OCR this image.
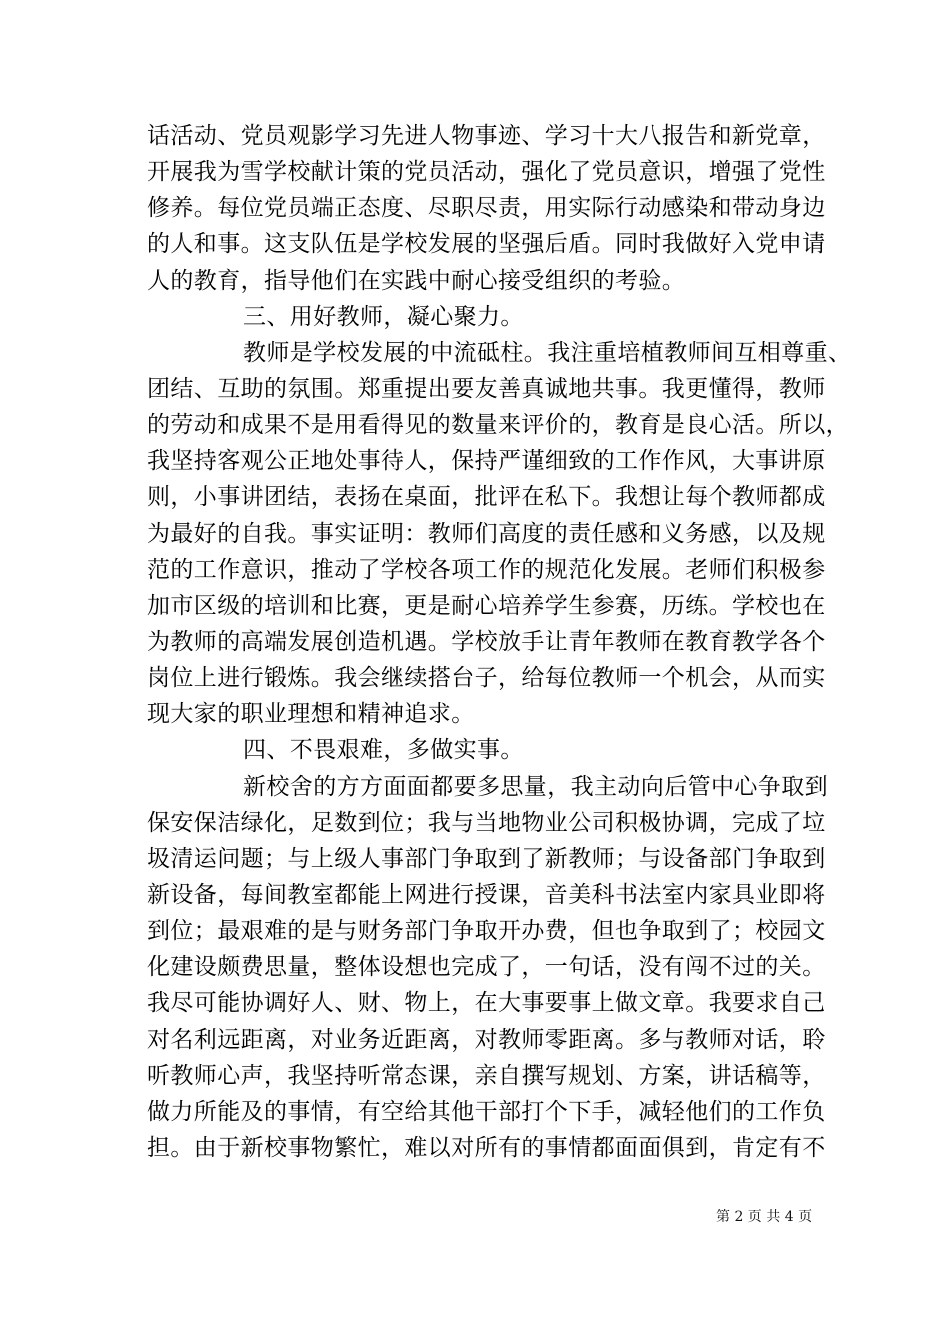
话活动、党员观影学习先进人物事迹、学习十大八报告和新党章，
开展我为雪学校献计策的党员活动，强化了党员意识，增强了党性
修养。每位党员端正态度、尽职尽责，用实际行动感染和带动身边
的人和事。这支队伍是学校发展的坚强后盾。同时我做好入党申请
人的教育，指导他们在实践中耐心接受组织的考验。
三、用好教师，凝心聚力。
教师是学校发展的中流砥柱。我注重培植教师间互相尊重、
团结、互助的氛围。郑重提出要友善真诚地共事。我更懂得，教师
的劳动和成果不是用看得见的数量来评价的，教育是良心活。所以，
我坚持客观公正地处事待人，保持严谨细致的工作作风，大事讲原
则，小事讲团结，表扬在桌面，批评在私下。我想让每个教师都成
为最好的自我。事实证明：教师们高度的责任感和义务感，以及规
范的工作意识，推动了学校各项工作的规范化发展。老师们积极参
加市区级的培训和比赛，更是耐心培养学生参赛，历练。学校也在
为教师的高端发展创造机遇。学校放手让青年教师在教育教学各个
岗位上进行锻炼。我会继续搭台子，给每位教师一个机会，从而实
现大家的职业理想和精神追求。
四、不畏艰难，多做实事。
新校舍的方方面面都要多思量，我主动向后管中心争取到
保安保洁绿化，足数到位；我与当地物业公司积极协调，完成了垃
圾清运问题；与上级人事部门争取到了新教师；与设备部门争取到
新设备，每间教室都能上网进行授课，音美科书法室内家具业即将
到位；最艰难的是与财务部门争取开办费，但也争取到了；校园文
化建设颇费思量，整体设想也完成了，一句话，没有闯不过的关。
我尽可能协调好人、财、物上，在大事要事上做文章。我要求自己
对名利远距离，对业务近距离，对教师零距离。多与教师对话，聆
听教师心声，我坚持听常态课，亲自撰写规划、方案，讲话稿等，
做力所能及的事情，有空给其他干部打个下手，减轻他们的工作负
担。由于新校事物繁忙，难以对所有的事情都面面俱到，肯定有不
第 2 页 共 4 页
